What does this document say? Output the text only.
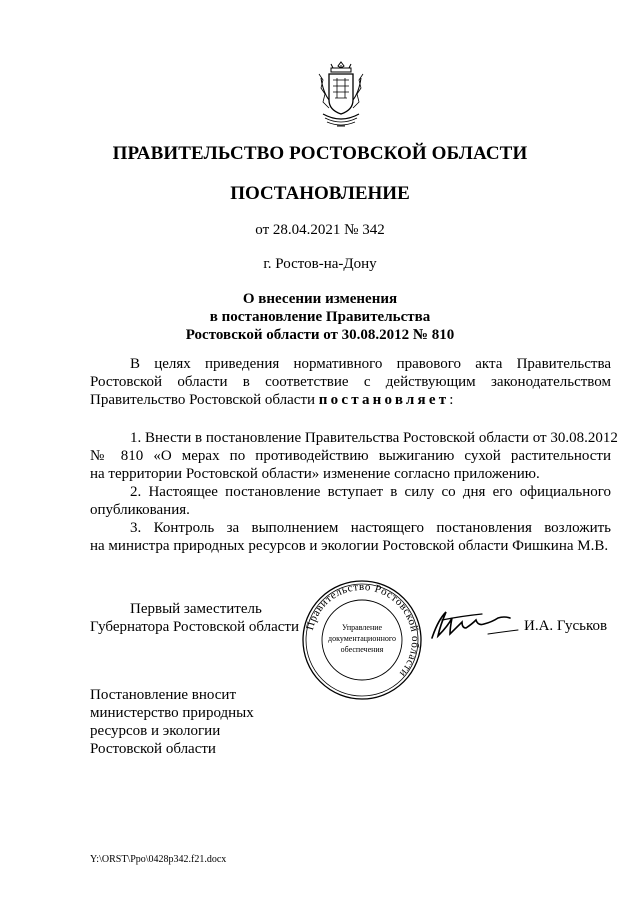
ПРАВИТЕЛЬСТВО РОСТОВСКОЙ ОБЛАСТИ
ПОСТАНОВЛЕНИЕ
от 28.04.2021 № 342
г. Ростов-на-Дону
О внесении изменения
в постановление Правительства
Ростовской области от 30.08.2012 № 810
В целях приведения нормативного правового акта Правительства
Ростовской области в соответствие с действующим законодательством
Правительство Ростовской области постановляет:
1. Внести в постановление Правительства Ростовской области от 30.08.2012
№ 810 «О мерах по противодействию выжиганию сухой растительности
на территории Ростовской области» изменение согласно приложению.
2. Настоящее постановление вступает в силу со дня его официального
опубликования.
3. Контроль за выполнением настоящего постановления возложить
на министра природных ресурсов и экологии Ростовской области Фишкина М.В.
Первый заместитель
Губернатора Ростовской области Правительство Ростовской области
Управление
документационного
обеспечения
И.А. Гуськов
Постановление вносит
министерство природных
ресурсов и экологии
Ростовской области
Y:\ORST\Ppo\0428p342.f21.docx
